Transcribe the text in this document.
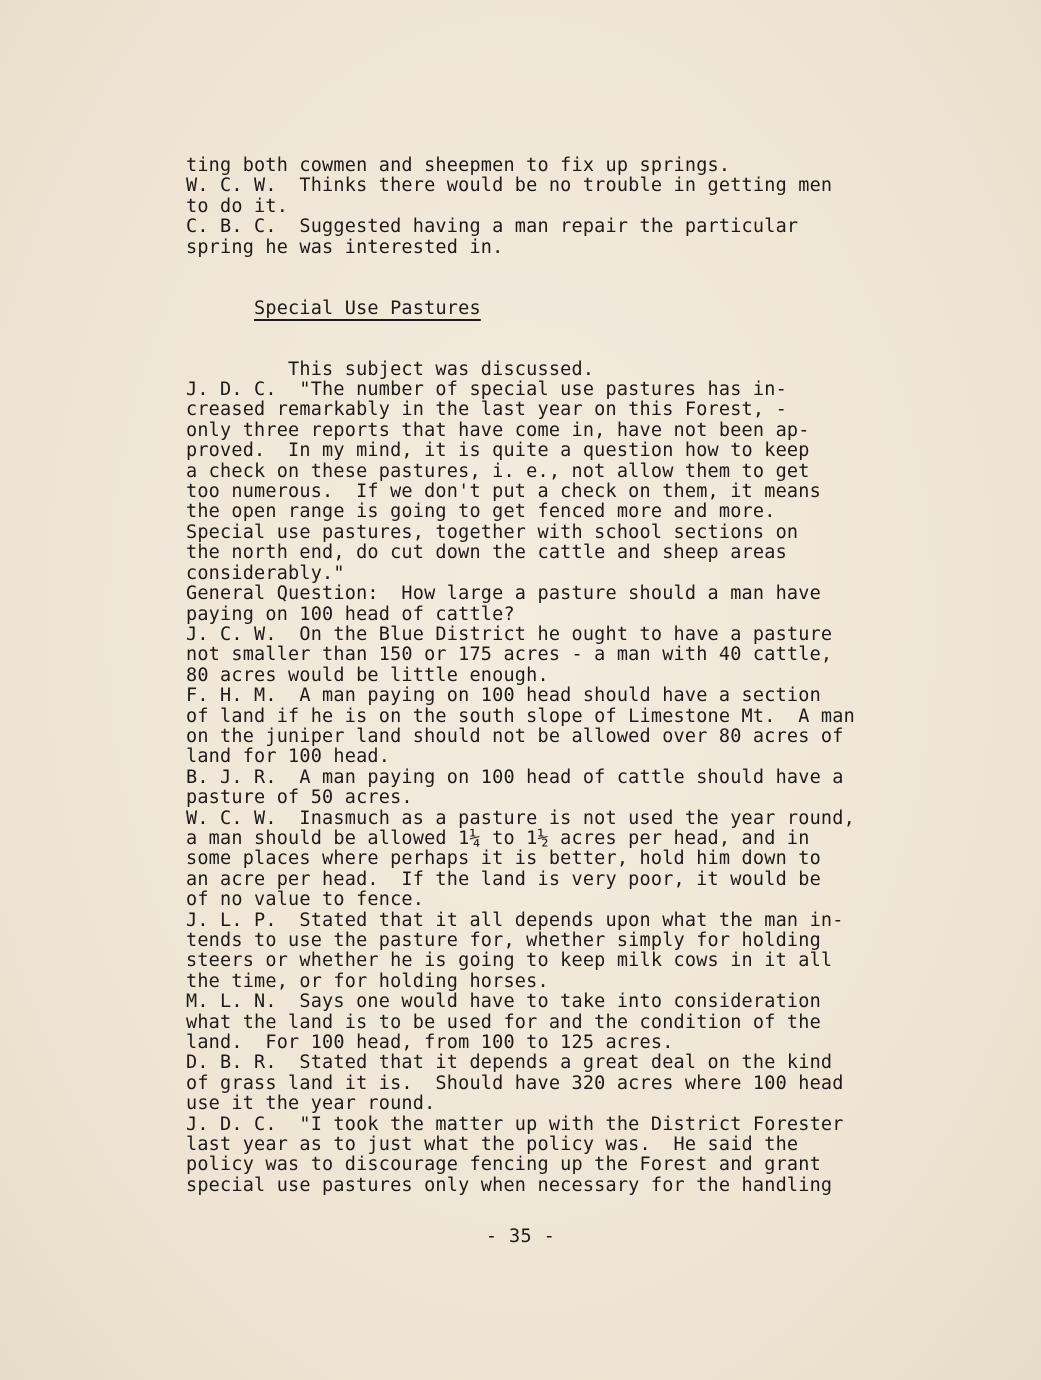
ting both cowmen and sheepmen to fix up springs.
W. C. W.  Thinks there would be no trouble in getting men
to do it.
C. B. C.  Suggested having a man repair the particular
spring he was interested in.

Special Use Pastures

This subject was discussed.
J. D. C.  "The number of special use pastures has in-
creased remarkably in the last year on this Forest, -
only three reports that have come in, have not been ap-
proved.  In my mind, it is quite a question how to keep
a check on these pastures, i. e., not allow them to get
too numerous.  If we don't put a check on them, it means
the open range is going to get fenced more and more.
Special use pastures, together with school sections on
the north end, do cut down the cattle and sheep areas
considerably."
General Question:  How large a pasture should a man have
paying on 100 head of cattle?
J. C. W.  On the Blue District he ought to have a pasture
not smaller than 150 or 175 acres - a man with 40 cattle,
80 acres would be little enough.
F. H. M.  A man paying on 100 head should have a section
of land if he is on the south slope of Limestone Mt.  A man
on the juniper land should not be allowed over 80 acres of
land for 100 head.
B. J. R.  A man paying on 100 head of cattle should have a
pasture of 50 acres.
W. C. W.  Inasmuch as a pasture is not used the year round,
a man should be allowed 1¼ to 1½ acres per head, and in
some places where perhaps it is better, hold him down to
an acre per head.  If the land is very poor, it would be
of no value to fence.
J. L. P.  Stated that it all depends upon what the man in-
tends to use the pasture for, whether simply for holding
steers or whether he is going to keep milk cows in it all
the time, or for holding horses.
M. L. N.  Says one would have to take into consideration
what the land is to be used for and the condition of the
land.  For 100 head, from 100 to 125 acres.
D. B. R.  Stated that it depends a great deal on the kind
of grass land it is.  Should have 320 acres where 100 head
use it the year round.
J. D. C.  "I took the matter up with the District Forester
last year as to just what the policy was.  He said the
policy was to discourage fencing up the Forest and grant
special use pastures only when necessary for the handling
- 35 -
